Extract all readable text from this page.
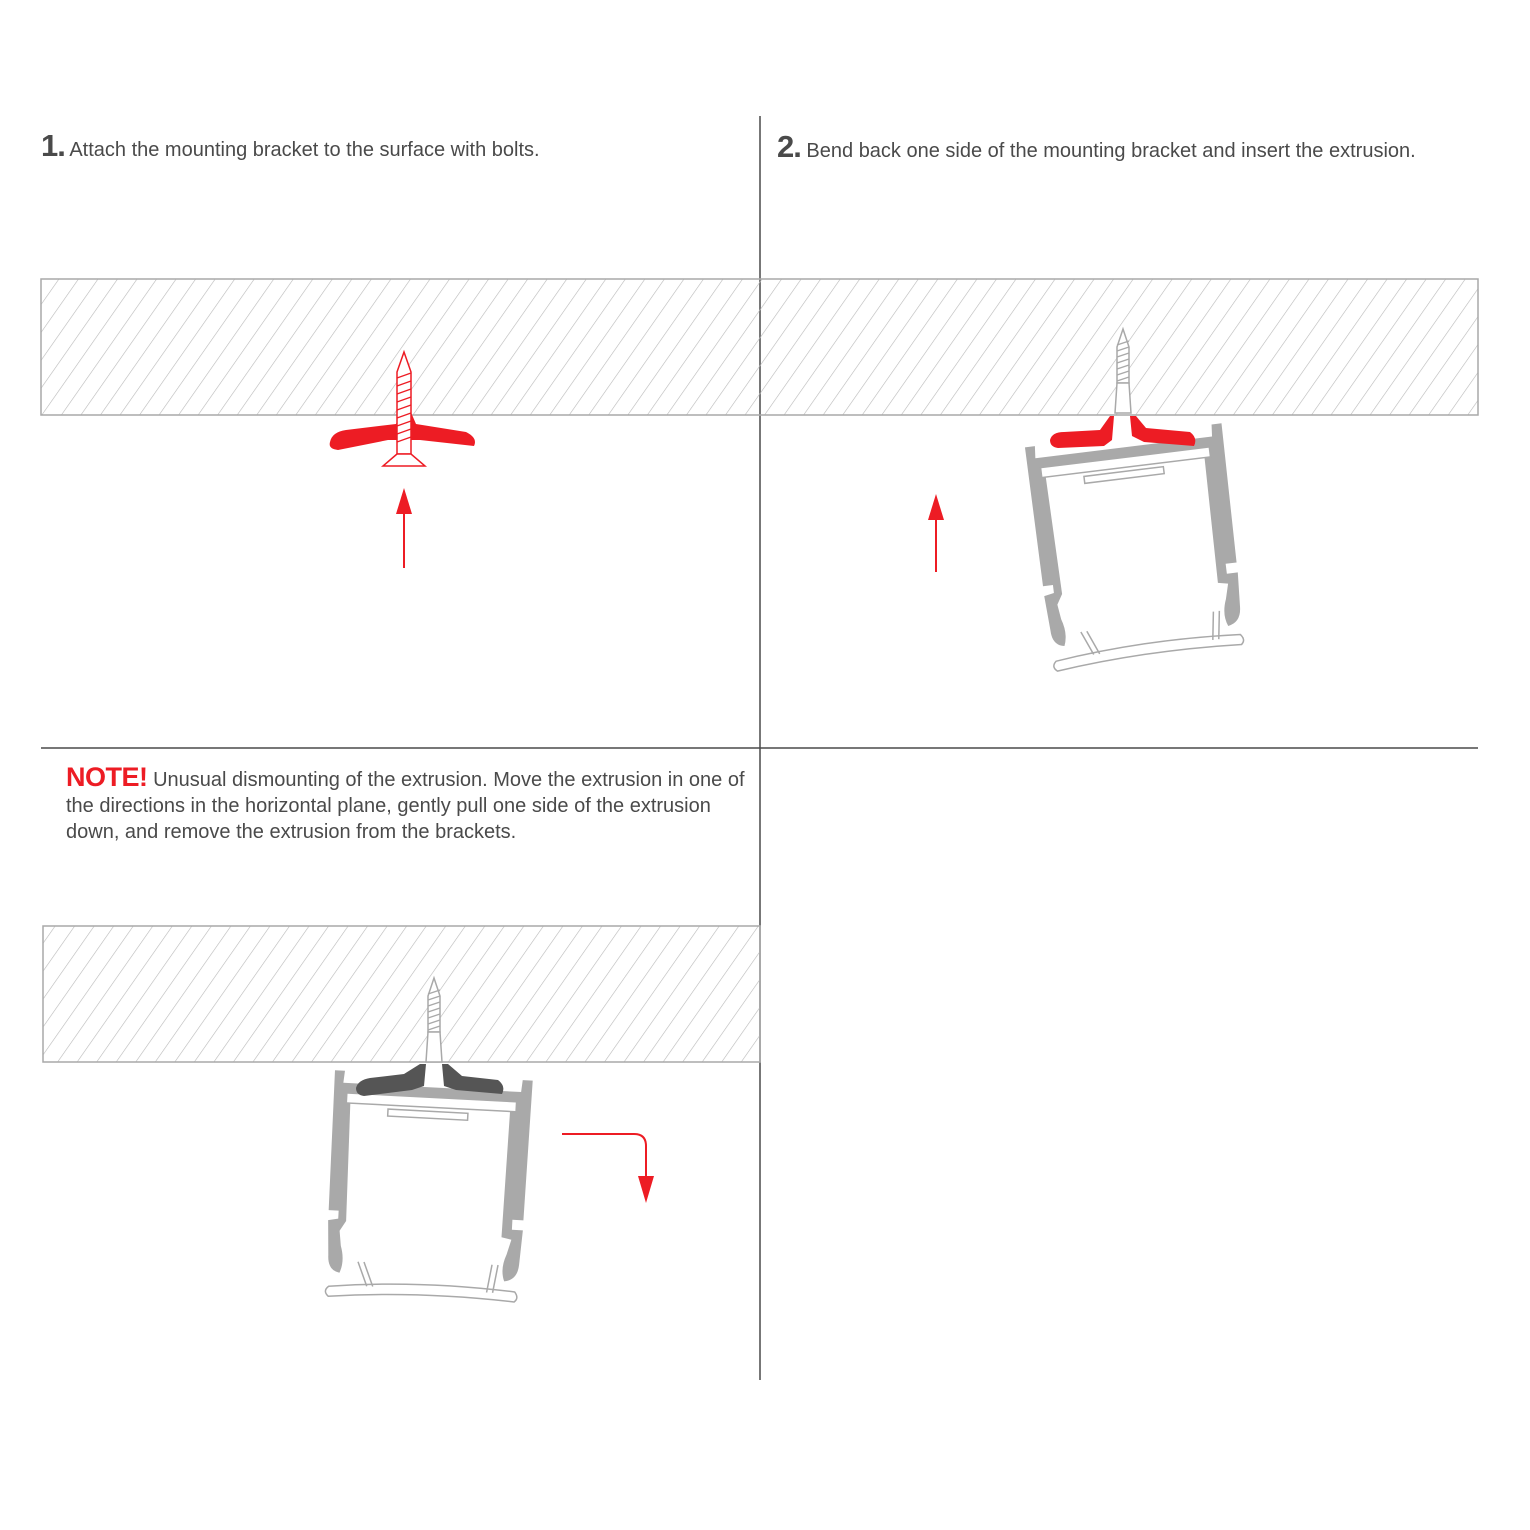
1. Attach the mounting bracket to the surface with bolts.	2. Bend back one side of the mounting bracket and insert the extrusion.
NOTE! Unusual dismounting of the extrusion. Move the extrusion in one of the directions in the horizontal plane, gently pull one side of the extrusion down, and remove the extrusion from the brackets.
